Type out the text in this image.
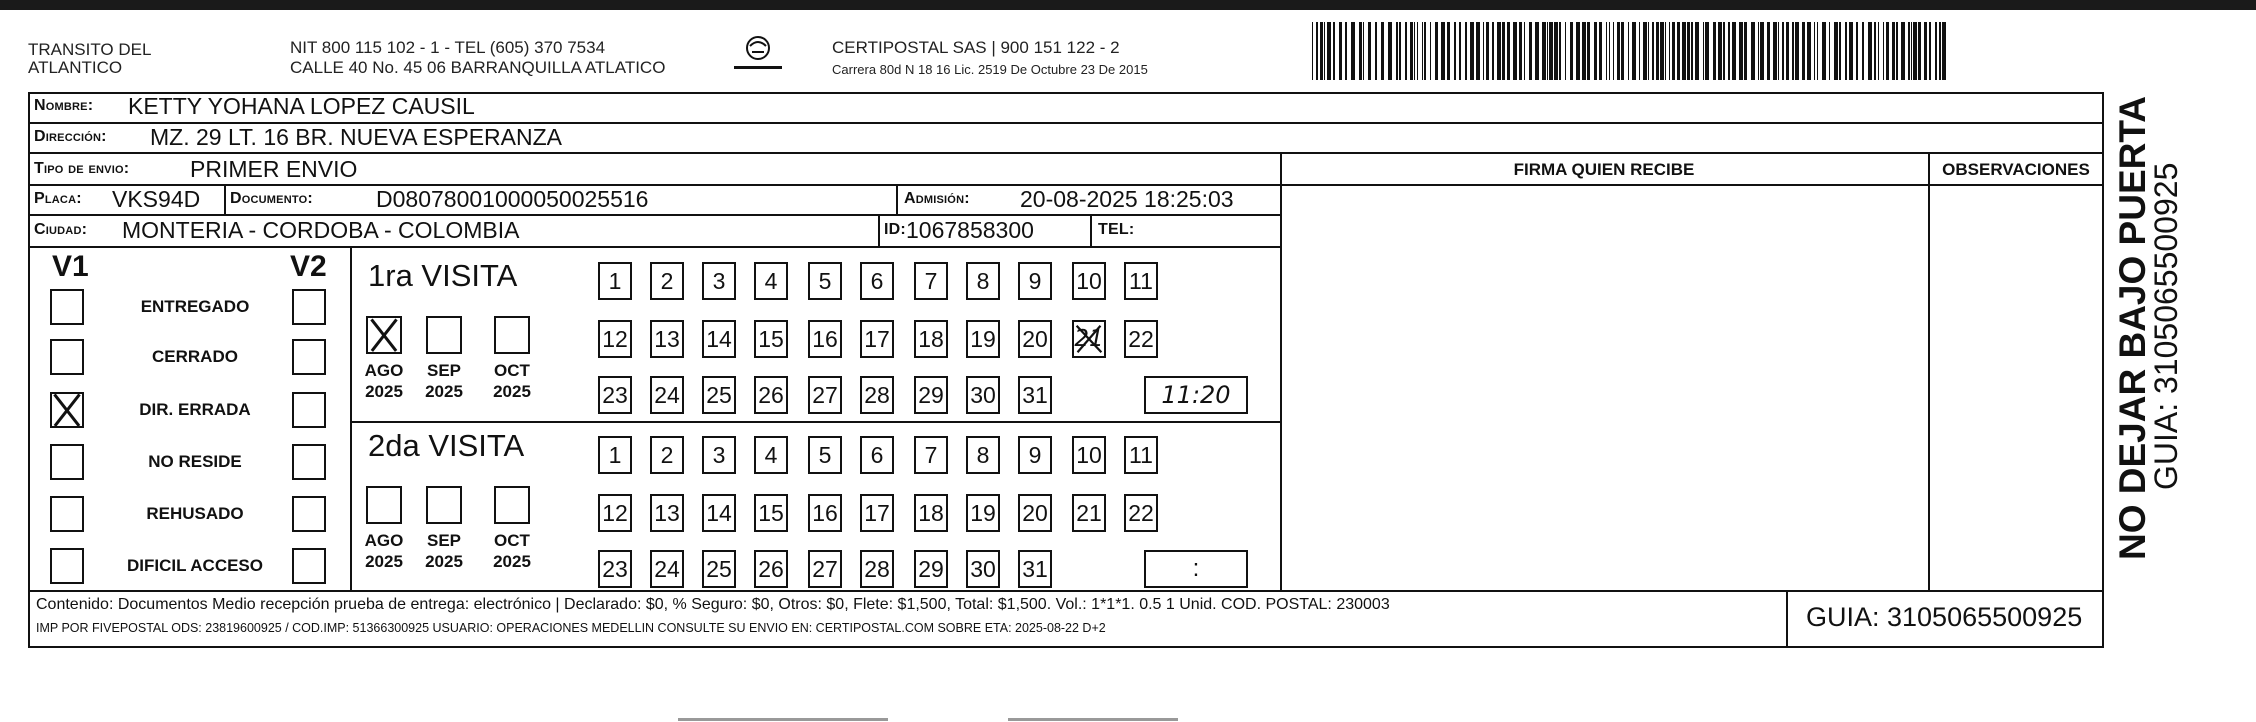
TRANSITO DEL
ATLANTICO
NIT 800 115 102 - 1 - TEL (605) 370 7534
CALLE 40 No. 45 06 BARRANQUILLA ATLATICO
CERTIPOSTAL SAS | 900 151 122 - 2
Carrera 80d N 18 16 Lic. 2519 De Octubre 23 De 2015
Nombre: KETTY YOHANA LOPEZ CAUSIL
Dirección: MZ. 29 LT. 16 BR. NUEVA ESPERANZA
Tipo de envio:	PRIMER ENVIO	FIRMA QUIEN RECIBE	OBSERVACIONES
Placa: VKS94D Documento:	D08078001000050025516	Admisión: 20-08-2025 18:25:03
Ciudad: MONTERIA - CORDOBA - COLOMBIA	ID: 1067858300	TEL:
V1	V2
ENTREGADO
CERRADO
DIR. ERRADA
NO RESIDE
REHUSADO
DIFICIL ACCESO
1ra VISITA
2da VISITA
AGO
2025
SEP
2025
OCT
2025
1	2	3	4	5	6	7	8	9	10 11
12 13 14 15 16 17 18 19 20 21 22
23 24 25 26 27 28 29 30 31	11:20
AGO
2025
SEP
2025
OCT
2025
1	2	3	4	5	6	7	8	9	10 11
12 13 14 15 16 17 18 19 20 21 22
23 24 25 26 27 28 29 30 31	:
Contenido: Documentos Medio recepción prueba de entrega: electrónico | Declarado: $0, % Seguro: $0, Otros: $0, Flete: $1,500, Total: $1,500. Vol.: 1*1*1. 0.5 1 Unid. COD. POSTAL: 230003
IMP POR FIVEPOSTAL ODS: 23819600925 / COD.IMP: 51366300925 USUARIO: OPERACIONES MEDELLIN CONSULTE SU ENVIO EN: CERTIPOSTAL.COM SOBRE ETA: 2025-08-22 D+2	GUIA: 3105065500925
NO DEJAR BAJO PUERTA
GUIA: 3105065500925
